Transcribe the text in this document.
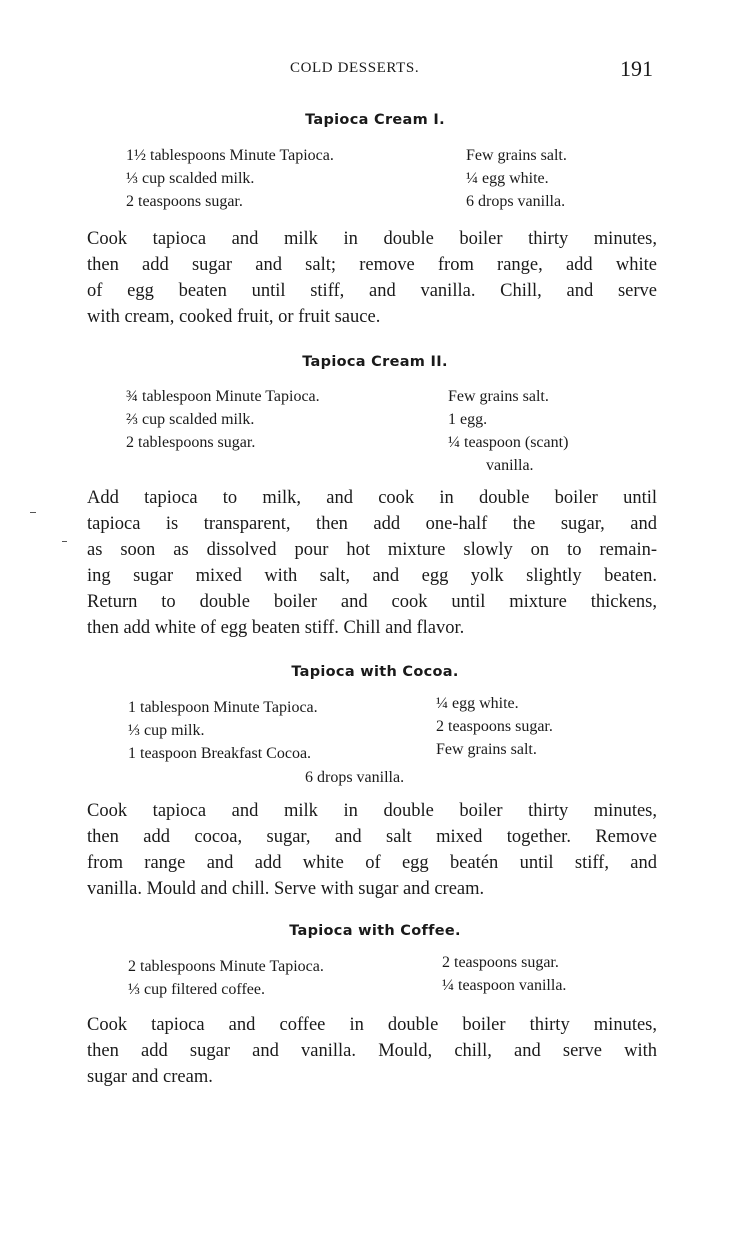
COLD DESSERTS.	191
Tapioca Cream I.
1½ tablespoons Minute Tapioca.
⅓ cup scalded milk.
2 teaspoons sugar.
Few grains salt.
¼ egg white.
6 drops vanilla.
Cook tapioca and milk in double boiler thirty minutes,
then add sugar and salt; remove from range, add white
of egg beaten until stiff, and vanilla. Chill, and serve
with cream, cooked fruit, or fruit sauce.
Tapioca Cream II.
¾ tablespoon Minute Tapioca.
⅔ cup scalded milk.
2 tablespoons sugar.
Few grains salt.
1 egg.
¼ teaspoon (scant)
vanilla.
Add tapioca to milk, and cook in double boiler until
tapioca is transparent, then add one-half the sugar, and
as soon as dissolved pour hot mixture slowly on to remain-
ing sugar mixed with salt, and egg yolk slightly beaten.
Return to double boiler and cook until mixture thickens,
then add white of egg beaten stiff. Chill and flavor.
Tapioca with Cocoa.
1 tablespoon Minute Tapioca.
⅓ cup milk.
1 teaspoon Breakfast Cocoa.
¼ egg white.
2 teaspoons sugar.
Few grains salt.
6 drops vanilla.
Cook tapioca and milk in double boiler thirty minutes,
then add cocoa, sugar, and salt mixed together. Remove
from range and add white of egg beatén until stiff, and
vanilla. Mould and chill. Serve with sugar and cream.
Tapioca with Coffee.
2 tablespoons Minute Tapioca.
⅓ cup filtered coffee.
2 teaspoons sugar.
¼ teaspoon vanilla.
Cook tapioca and coffee in double boiler thirty minutes,
then add sugar and vanilla. Mould, chill, and serve with
sugar and cream.
